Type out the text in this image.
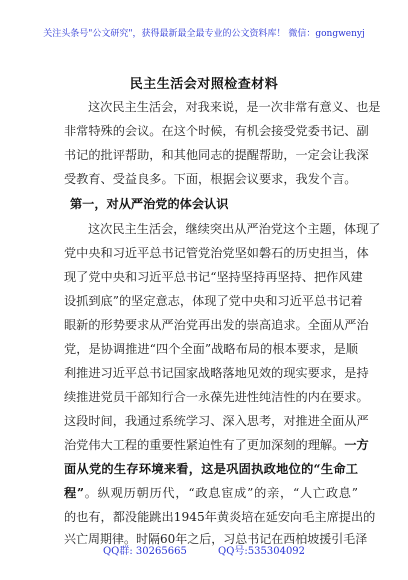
关注头条号"公文研究"，获得最新最全最专业的公文资料库！ 微信：gongwenyj
民主生活会对照检查材料
这次民主生活会，对我来说，是一次非常有意义、也是
非常特殊的会议。在这个时候，有机会接受党委书记、副
书记的批评帮助，和其他同志的提醒帮助，一定会让我深
受教育、受益良多。下面，根据会议要求，我发个言。
第一，对从严治党的体会认识
这次民主生活会，继续突出从严治党这个主题，体现了
党中央和习近平总书记管党治党坚如磐石的历史担当，体
现了党中央和习近平总书记“坚持坚持再坚持、把作风建
设抓到底”的坚定意志，体现了党中央和习近平总书记着
眼新的形势要求从严治党再出发的崇高追求。全面从严治
党，是协调推进“四个全面”战略布局的根本要求，是顺
利推进习近平总书记国家战略落地见效的现实要求，是持
续推进党员干部知行合一永葆先进性纯洁性的内在要求。
这段时间，我通过系统学习、深入思考，对推进全面从严
治党伟大工程的重要性紧迫性有了更加深刻的理解。一方
面从党的生存环境来看，这是巩固执政地位的“生命工
程”。纵观历朝历代，“政息宦成”的亲，“人亡政息”
的也有，都没能跳出1945年黄炎培在延安向毛主席提出的
兴亡周期律。时隔60年之后，习总书记在西柏坡援引毛泽
QQ群: 30265665	QQ号:535304092
